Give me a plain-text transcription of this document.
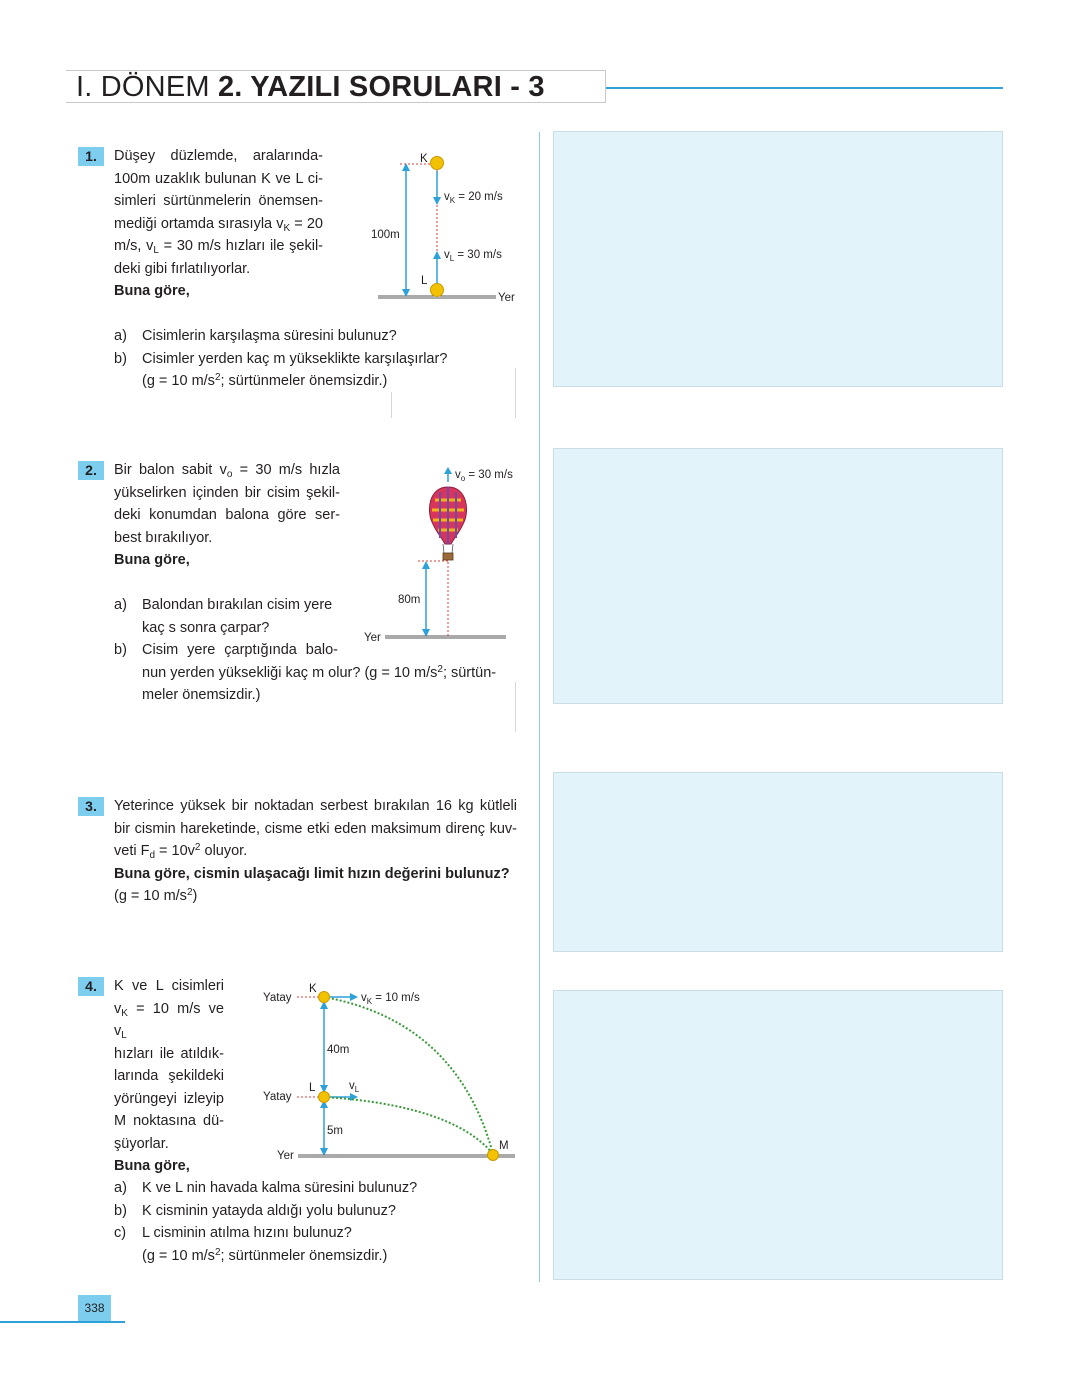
I. DÖNEM 2. YAZILI SORULARI - 3
1.	Düşey düzlemde, aralarında-
100m uzaklık bulunan K ve L ci-
simleri sürtünmelerin önemsen-
mediği ortamda sırasıyla $v_K = 20$
m/s, $v_L = 30$ m/s hızları ile şekil-
deki gibi fırlatılıyorlar.
Buna göre,
a)	Cisimlerin karşılaşma süresini bulunuz?
b)	Cisimler yerden kaç m yükseklikte karşılaşırlar?
(g = 10 $m/s^2$; sürtünmeler önemsizdir.)
Yer
100m
$v_K = 20$ m/s
$v_L = 30$ m/s
K
L
2.	Bir balon sabit $v_o = 30$ m/s hızla
yükselirken içinden bir cisim şekil-
deki konumdan balona göre ser-
best bırakılıyor.
Buna göre,
a)	Balondan bırakılan cisim yere
kaç s sonra çarpar?
b)	Cisim yere çarptığında balo-
nun yerden yüksekliği kaç m olur? (g = 10 $m/s^2$; sürtün-
meler önemsizdir.)
$v_o = 30$ m/s
80m
Yer
3.	Yeterince yüksek bir noktadan serbest bırakılan 16 kg kütleli
bir cismin hareketinde, cisme etki eden maksimum direnç kuv-
veti $F_d = 10v^2$ oluyor.
Buna göre, cismin ulaşacağı limit hızın değerini bulunuz?
(g = 10 $m/s^2$)
4.	K ve L cisimleri
$v_K = 10$ m/s ve $v_L$
hızları ile atıldık-
larında şekildeki
yörüngeyi izleyip
M noktasına dü-
şüyorlar.
Buna göre,
a)	K ve L nin havada kalma süresini bulunuz?
b)	K cisminin yatayda aldığı yolu bulunuz?
c)	L cisminin atılma hızını bulunuz?
(g = 10 $m/s^2$; sürtünmeler önemsizdir.)
Yatay
Yatay
$v_K = 10$ m/s
$v_L$
40m
5m
Yer
K
L
M
338
